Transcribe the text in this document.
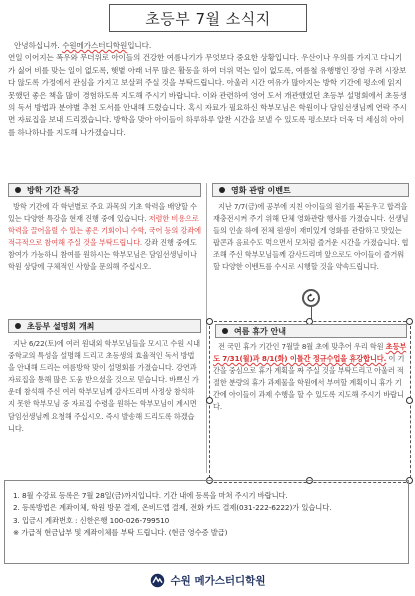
초등부 7월 소식지
안녕하십니까. 수원메가스터디학원입니다.
연일 이어지는 폭우와 무더위로 아이들의 건강한 여름나기가 무엇보다 중요한 상황입니다. 우산이나 우의를 가지고 다니기가 싫어 비를 맞는 일이 없도록, 햇볕 아래 너무 많은 활동을 하여 더위 먹는 일이 없도록, 여름철 유행병인 장염 우려 시장보다 않도록 가정에서 관심을 가지고 보살펴 주실 것을 부탁드립니다. 아울러 시간 여유가 많아지는 방학 기간에 평소에 읽지 못했던 좋은 책을 많이 경험하도록 지도해 주시기 바랍니다. 이와 관련하여 영어 도서 개관했었던 초등부 설명회에서 초등생의 독서 방법과 분야별 추천 도서를 안내해 드렸습니다. 혹시 자료가 필요하신 학부모님은 학원이나 담임선생님께 연락 주시면 자료집을 보내 드리겠습니다. 방학을 맞아 아이들이 하루하루 알찬 시간을 보낼 수 있도록 평소보다 더욱 더 세심히 아이를 하나하나를 지도해 나가겠습니다.
방학 기간 특강
방학 기간에 각 학년별로 주요 과목의 기초 학력을 배양할 수 있는 다양한 특강을 현재 진행 중에 있습니다. 저렴한 비용으로 학력을 끌어올릴 수 있는 좋은 기회이니 수학, 국어 등의 강좌에 적극적으로 참여해 주실 것을 부탁드립니다. 강좌 진행 중에도 참여가 가능하니 참여를 원하시는 학부모님은 담임선생님이나 학원 상담에 구체적인 사항을 문의해 주십시오.
초등부 설명회 개최
지난 6/22(토)에 여러 원내외 학부모님들을 모시고 수원 시내 중학교의 특성을 설명해 드리고 초등생의 효율적인 독서 방법을 안내해 드리는 여름방학 맞이 설명회를 가졌습니다. 강연과 자료집을 통해 많은 도움 받으셨을 것으로 믿습니다. 바쁘신 가운데 참석해 주신 여러 학부모님께 감사드리며 사정상 참석하지 못한 학부모님 중 자료집 수령을 원하는 학부모님이 계시면 담임선생님께 요청해 주십시오. 즉시 발송해 드리도록 하겠습니다.
영화 관람 이벤트
지난 7/7(금)에 공부에 지친 아이들의 원기를 북돋우고 합격을 재충전시켜 주기 위해 단체 영화관람 행사를 가졌습니다. 선생님들의 인솔 하에 전체 원생이 재미있게 영화를 관람하고 맛있는 팝콘과 음료수도 먹으면서 모처럼 즐거운 시간을 가졌습니다. 협조해 주신 학부모님들께 감사드리며 앞으로도 아이들이 즐거워할 다양한 이벤트를 수시로 시행할 것을 약속드립니다.
여름 휴가 안내
전 국민 휴가 기간인 7월말 8월 초에 맞추어 우리 학원 초등부도 7/31(월)과 8/1(화) 이틀간 정규수업을 휴강합니다. 이 기간을 중심으로 휴가 계획을 짜 주실 것을 부탁드리고 아울러 적절한 분량의 휴가 과제물을 학원에서 부여할 계획이니 휴가 기간에 아이들이 과제 수행을 할 수 있도록 지도해 주시기 바랍니다.
1. 8월 수강료 등록은 7월 28일(금)까지입니다. 기간 내에 등록을 마쳐 주시기 바랍니다.
2. 등록방법은 계좌이체, 학원 방문 결제, 온비드앱 결제, 전화 카드 결제(031-222-6222)가 있습니다.
3. 입금시 계좌번호 : 신한은행 100-026-799510
※ 가급적 현금납부 및 계좌이체를 부탁 드립니다. (현금 영수증 발급)
수원 메가스터디학원
